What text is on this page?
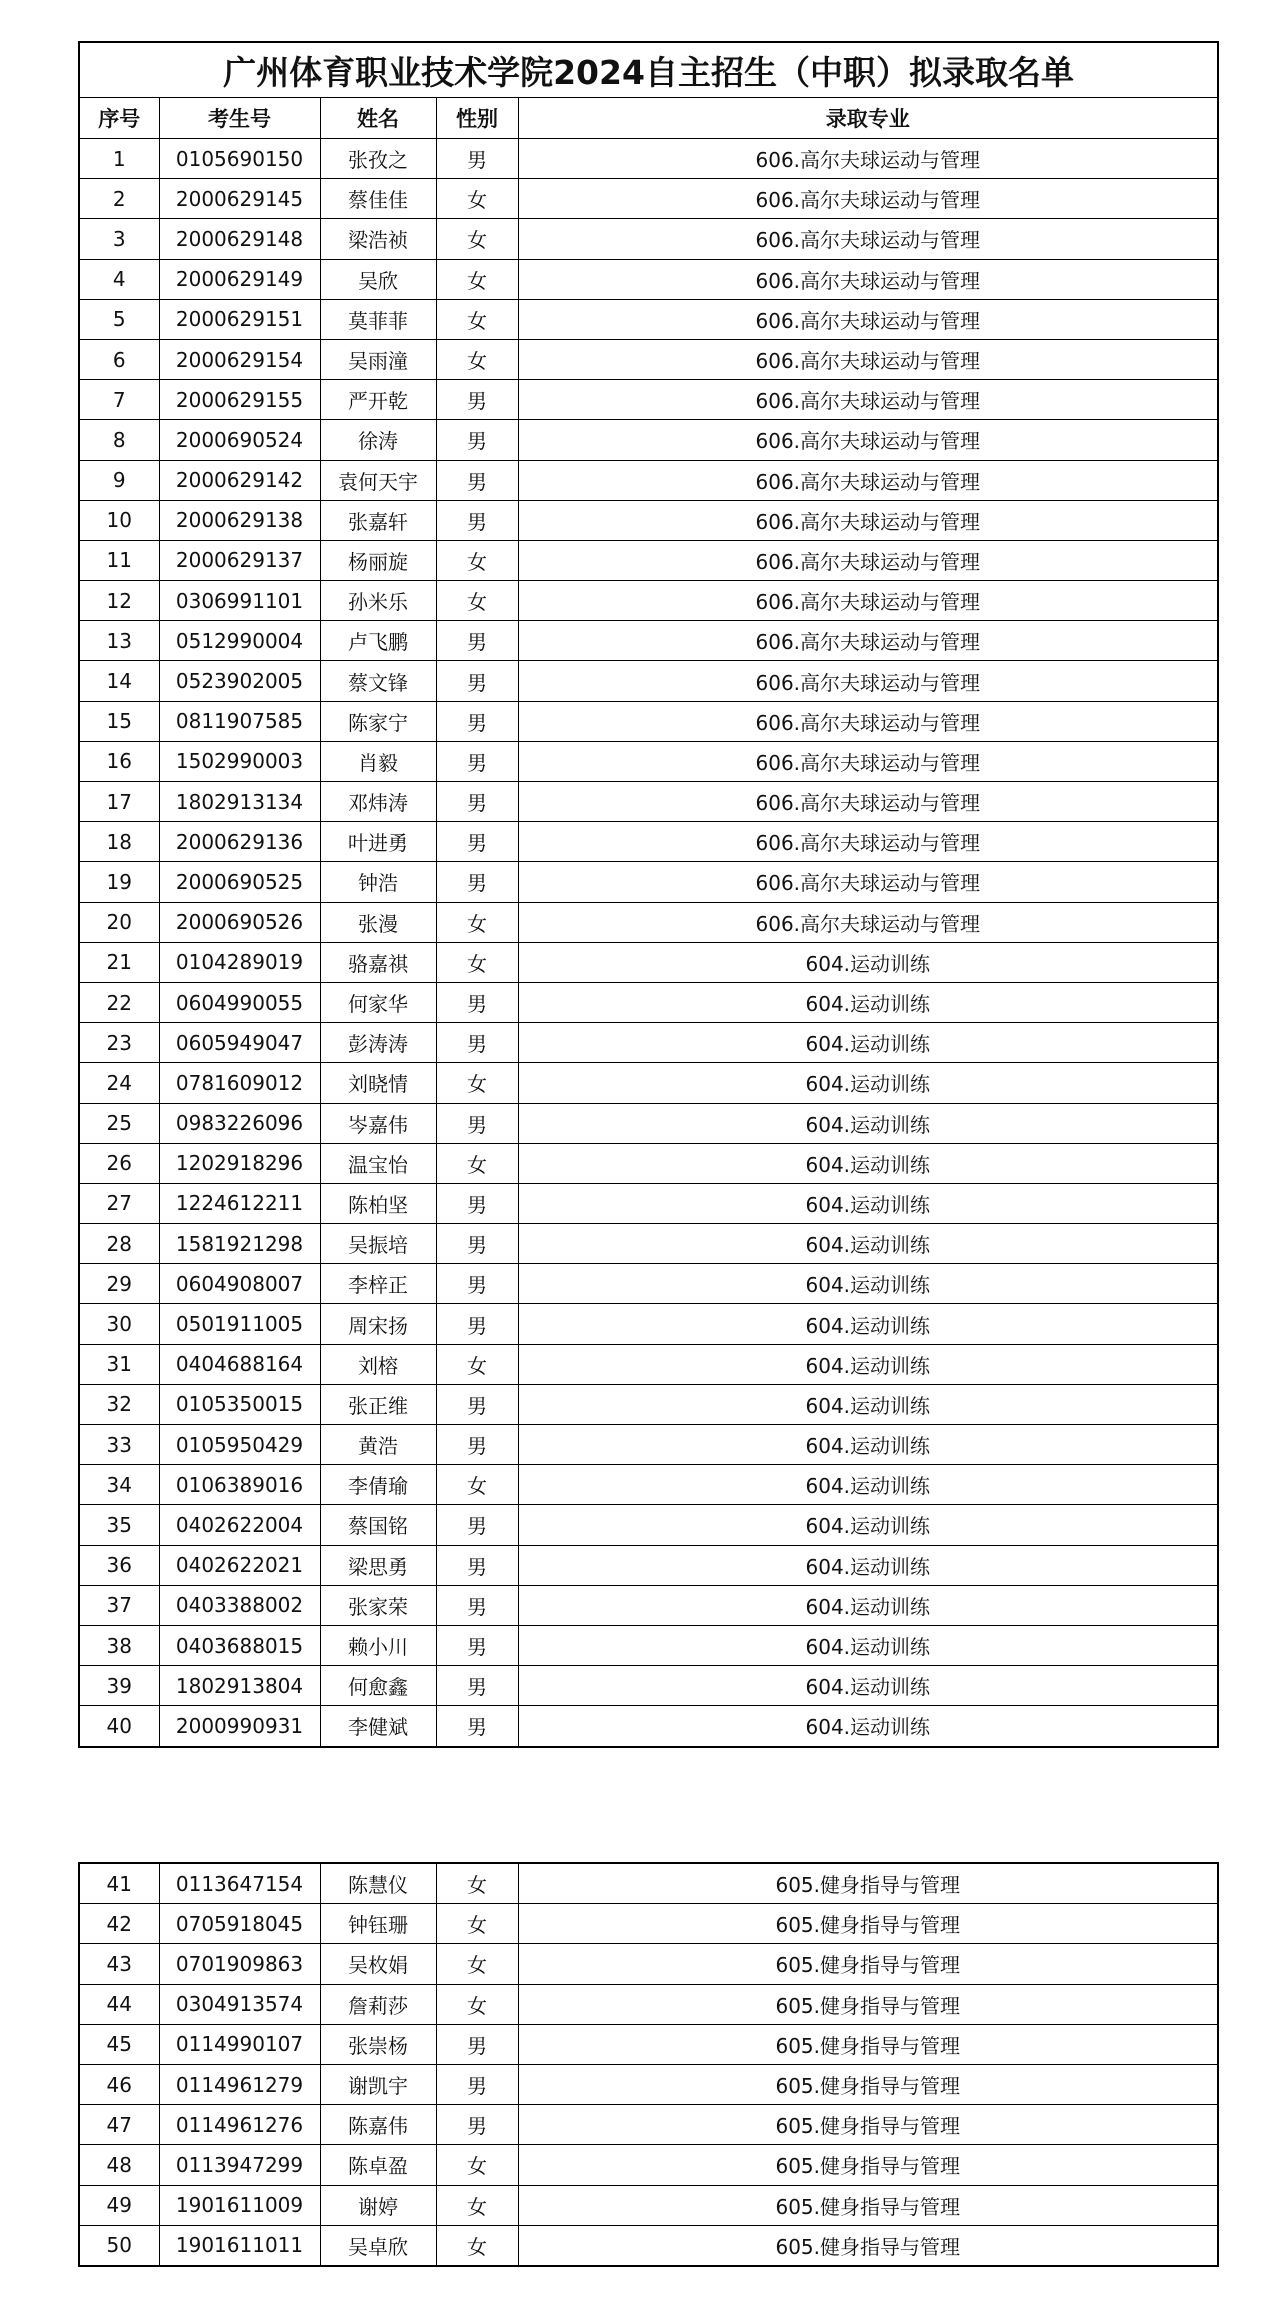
广州体育职业技术学院2024自主招生（中职）拟录取名单				
序号	考生号	姓名	性别	录取专业
1	0105690150	张孜之	男	606.高尔夫球运动与管理
2	2000629145	蔡佳佳	女	606.高尔夫球运动与管理
3	2000629148	梁浩祯	女	606.高尔夫球运动与管理
4	2000629149	吴欣	女	606.高尔夫球运动与管理
5	2000629151	莫菲菲	女	606.高尔夫球运动与管理
6	2000629154	吴雨潼	女	606.高尔夫球运动与管理
7	2000629155	严开乾	男	606.高尔夫球运动与管理
8	2000690524	徐涛	男	606.高尔夫球运动与管理
9	2000629142	袁何天宇	男	606.高尔夫球运动与管理
10	2000629138	张嘉轩	男	606.高尔夫球运动与管理
11	2000629137	杨丽旋	女	606.高尔夫球运动与管理
12	0306991101	孙米乐	女	606.高尔夫球运动与管理
13	0512990004	卢飞鹏	男	606.高尔夫球运动与管理
14	0523902005	蔡文锋	男	606.高尔夫球运动与管理
15	0811907585	陈家宁	男	606.高尔夫球运动与管理
16	1502990003	肖毅	男	606.高尔夫球运动与管理
17	1802913134	邓炜涛	男	606.高尔夫球运动与管理
18	2000629136	叶进勇	男	606.高尔夫球运动与管理
19	2000690525	钟浩	男	606.高尔夫球运动与管理
20	2000690526	张漫	女	606.高尔夫球运动与管理
21	0104289019	骆嘉祺	女	604.运动训练
22	0604990055	何家华	男	604.运动训练
23	0605949047	彭涛涛	男	604.运动训练
24	0781609012	刘晓情	女	604.运动训练
25	0983226096	岑嘉伟	男	604.运动训练
26	1202918296	温宝怡	女	604.运动训练
27	1224612211	陈柏坚	男	604.运动训练
28	1581921298	吴振培	男	604.运动训练
29	0604908007	李梓正	男	604.运动训练
30	0501911005	周宋扬	男	604.运动训练
31	0404688164	刘榕	女	604.运动训练
32	0105350015	张正维	男	604.运动训练
33	0105950429	黄浩	男	604.运动训练
34	0106389016	李倩瑜	女	604.运动训练
35	0402622004	蔡国铭	男	604.运动训练
36	0402622021	梁思勇	男	604.运动训练
37	0403388002	张家荣	男	604.运动训练
38	0403688015	赖小川	男	604.运动训练
39	1802913804	何愈鑫	男	604.运动训练
40	2000990931	李健斌	男	604.运动训练
41	0113647154	陈慧仪	女	605.健身指导与管理
42	0705918045	钟钰珊	女	605.健身指导与管理
43	0701909863	吴枚娟	女	605.健身指导与管理
44	0304913574	詹莉莎	女	605.健身指导与管理
45	0114990107	张崇杨	男	605.健身指导与管理
46	0114961279	谢凯宇	男	605.健身指导与管理
47	0114961276	陈嘉伟	男	605.健身指导与管理
48	0113947299	陈卓盈	女	605.健身指导与管理
49	1901611009	谢婷	女	605.健身指导与管理
50	1901611011	吴卓欣	女	605.健身指导与管理
